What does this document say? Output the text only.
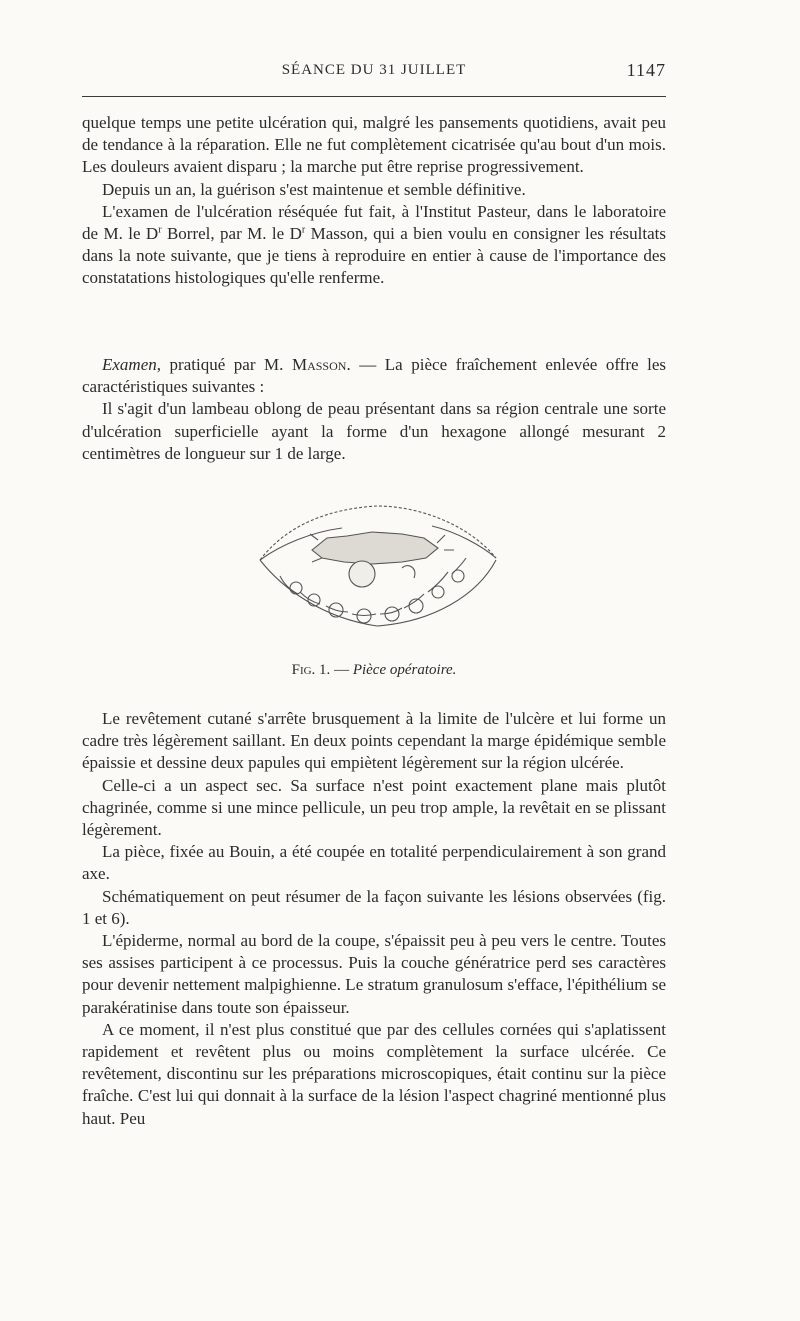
SÉANCE DU 31 JUILLET	1147

quelque temps une petite ulcération qui, malgré les pansements quotidiens, avait peu de tendance à la réparation. Elle ne fut complètement cicatrisée qu'au bout d'un mois. Les douleurs avaient disparu ; la marche put être reprise progressivement.

Depuis un an, la guérison s'est maintenue et semble définitive.

L'examen de l'ulcération réséquée fut fait, à l'Institut Pasteur, dans le laboratoire de M. le $D^r$ Borrel, par M. le $D^r$ Masson, qui a bien voulu en consigner les résultats dans la note suivante, que je tiens à reproduire en entier à cause de l'importance des constatations histologiques qu'elle renferme.

Examen, pratiqué par M. Masson. — La pièce fraîchement enlevée offre les caractéristiques suivantes :

Il s'agit d'un lambeau oblong de peau présentant dans sa région centrale une sorte d'ulcération superficielle ayant la forme d'un hexagone allongé mesurant 2 centimètres de longueur sur 1 de large.

Fig. 1. — Pièce opératoire.

Le revêtement cutané s'arrête brusquement à la limite de l'ulcère et lui forme un cadre très légèrement saillant. En deux points cependant la marge épidémique semble épaissie et dessine deux papules qui empiètent légèrement sur la région ulcérée.

Celle-ci a un aspect sec. Sa surface n'est point exactement plane mais plutôt chagrinée, comme si une mince pellicule, un peu trop ample, la revêtait en se plissant légèrement.

La pièce, fixée au Bouin, a été coupée en totalité perpendiculairement à son grand axe.

Schématiquement on peut résumer de la façon suivante les lésions observées (fig. 1 et 6).

L'épiderme, normal au bord de la coupe, s'épaissit peu à peu vers le centre. Toutes ses assises participent à ce processus. Puis la couche génératrice perd ses caractères pour devenir nettement malpighienne. Le stratum granulosum s'efface, l'épithélium se parakératinise dans toute son épaisseur.

A ce moment, il n'est plus constitué que par des cellules cornées qui s'aplatissent rapidement et revêtent plus ou moins complètement la surface ulcérée. Ce revêtement, discontinu sur les préparations microscopiques, était continu sur la pièce fraîche. C'est lui qui donnait à la surface de la lésion l'aspect chagriné mentionné plus haut. Peu
